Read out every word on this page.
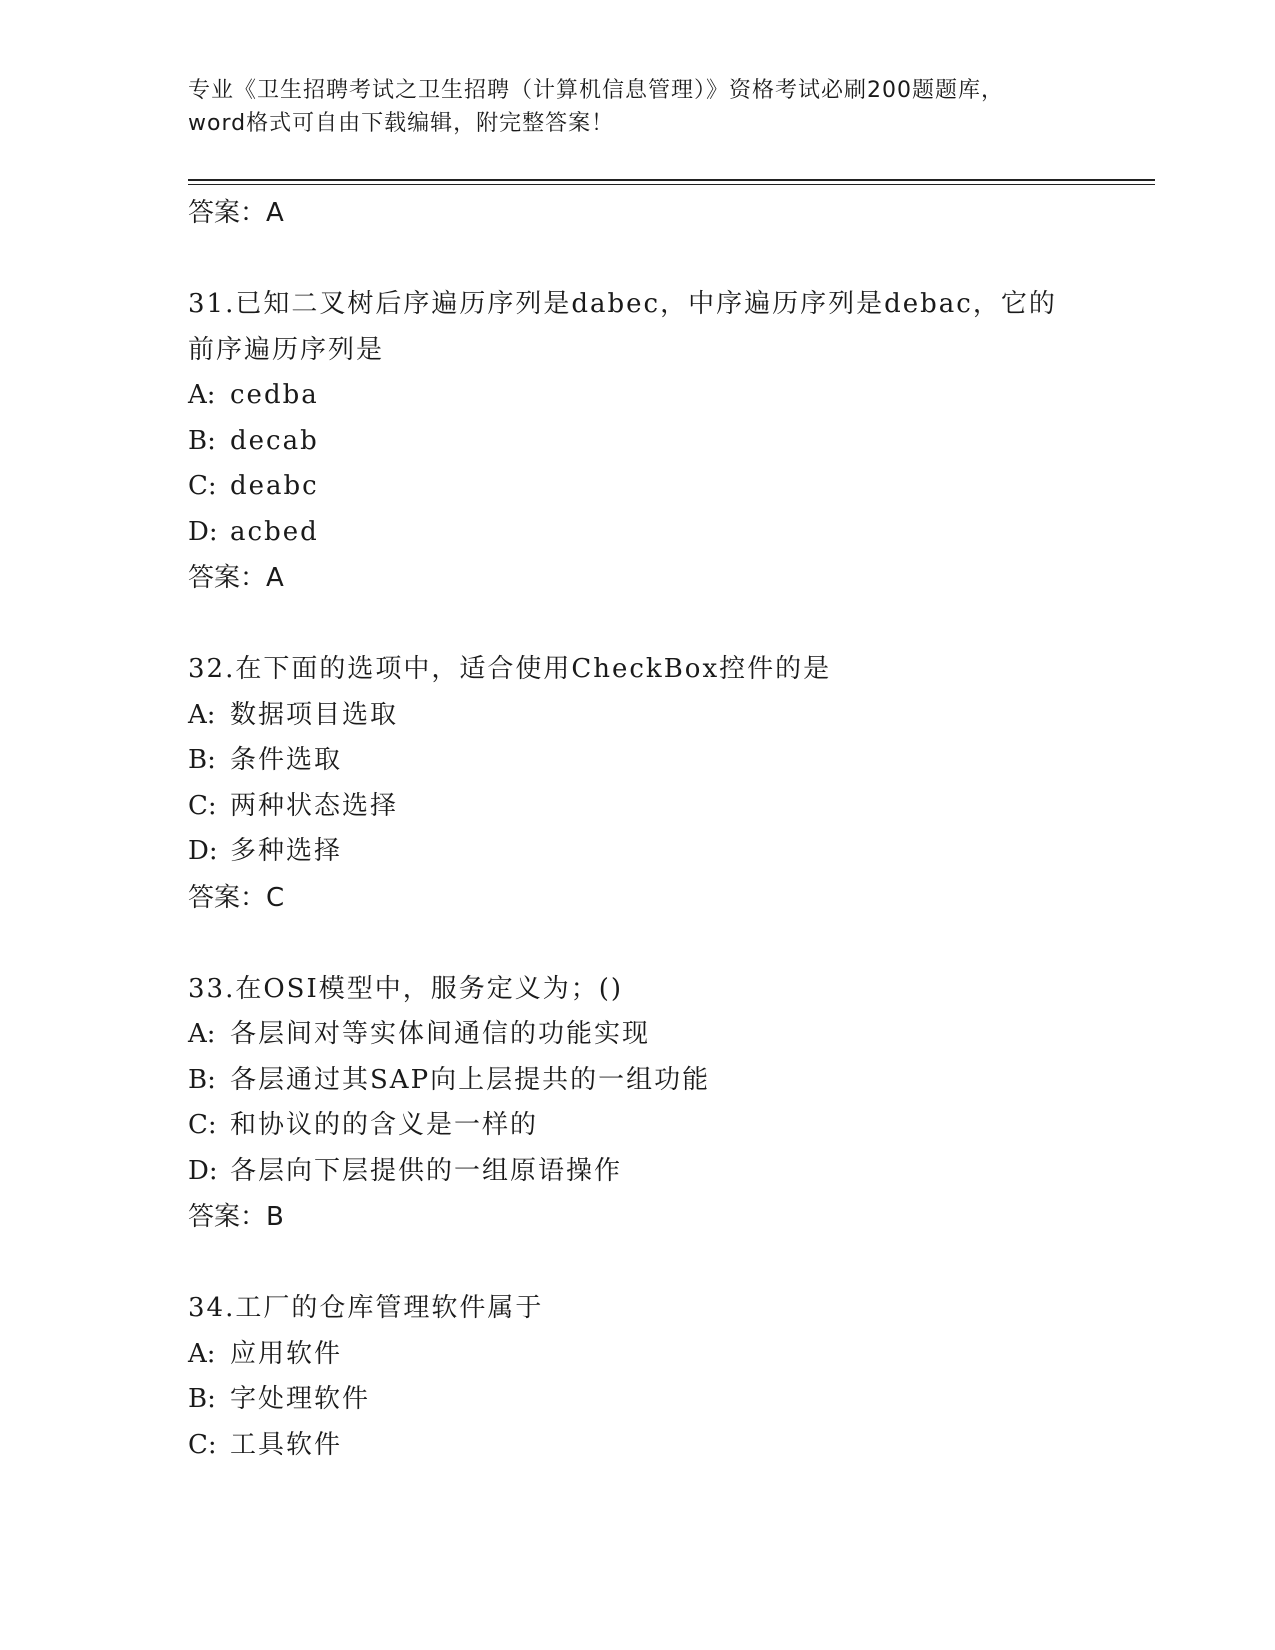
专业《卫生招聘考试之卫生招聘（计算机信息管理）》资格考试必刷200题题库，
word格式可自由下载编辑，附完整答案！
答案：A
31.已知二叉树后序遍历序列是dabec，中序遍历序列是debac，它的
前序遍历序列是
A: cedba
B: decab
C: deabc
D: acbed
答案：A
32.在下面的选项中，适合使用CheckBox控件的是
A: 数据项目选取
B: 条件选取
C: 两种状态选择
D: 多种选择
答案：C
33.在OSI模型中，服务定义为；()
A: 各层间对等实体间通信的功能实现
B: 各层通过其SAP向上层提共的一组功能
C: 和协议的的含义是一样的
D: 各层向下层提供的一组原语操作
答案：B
34.工厂的仓库管理软件属于
A: 应用软件
B: 字处理软件
C: 工具软件
